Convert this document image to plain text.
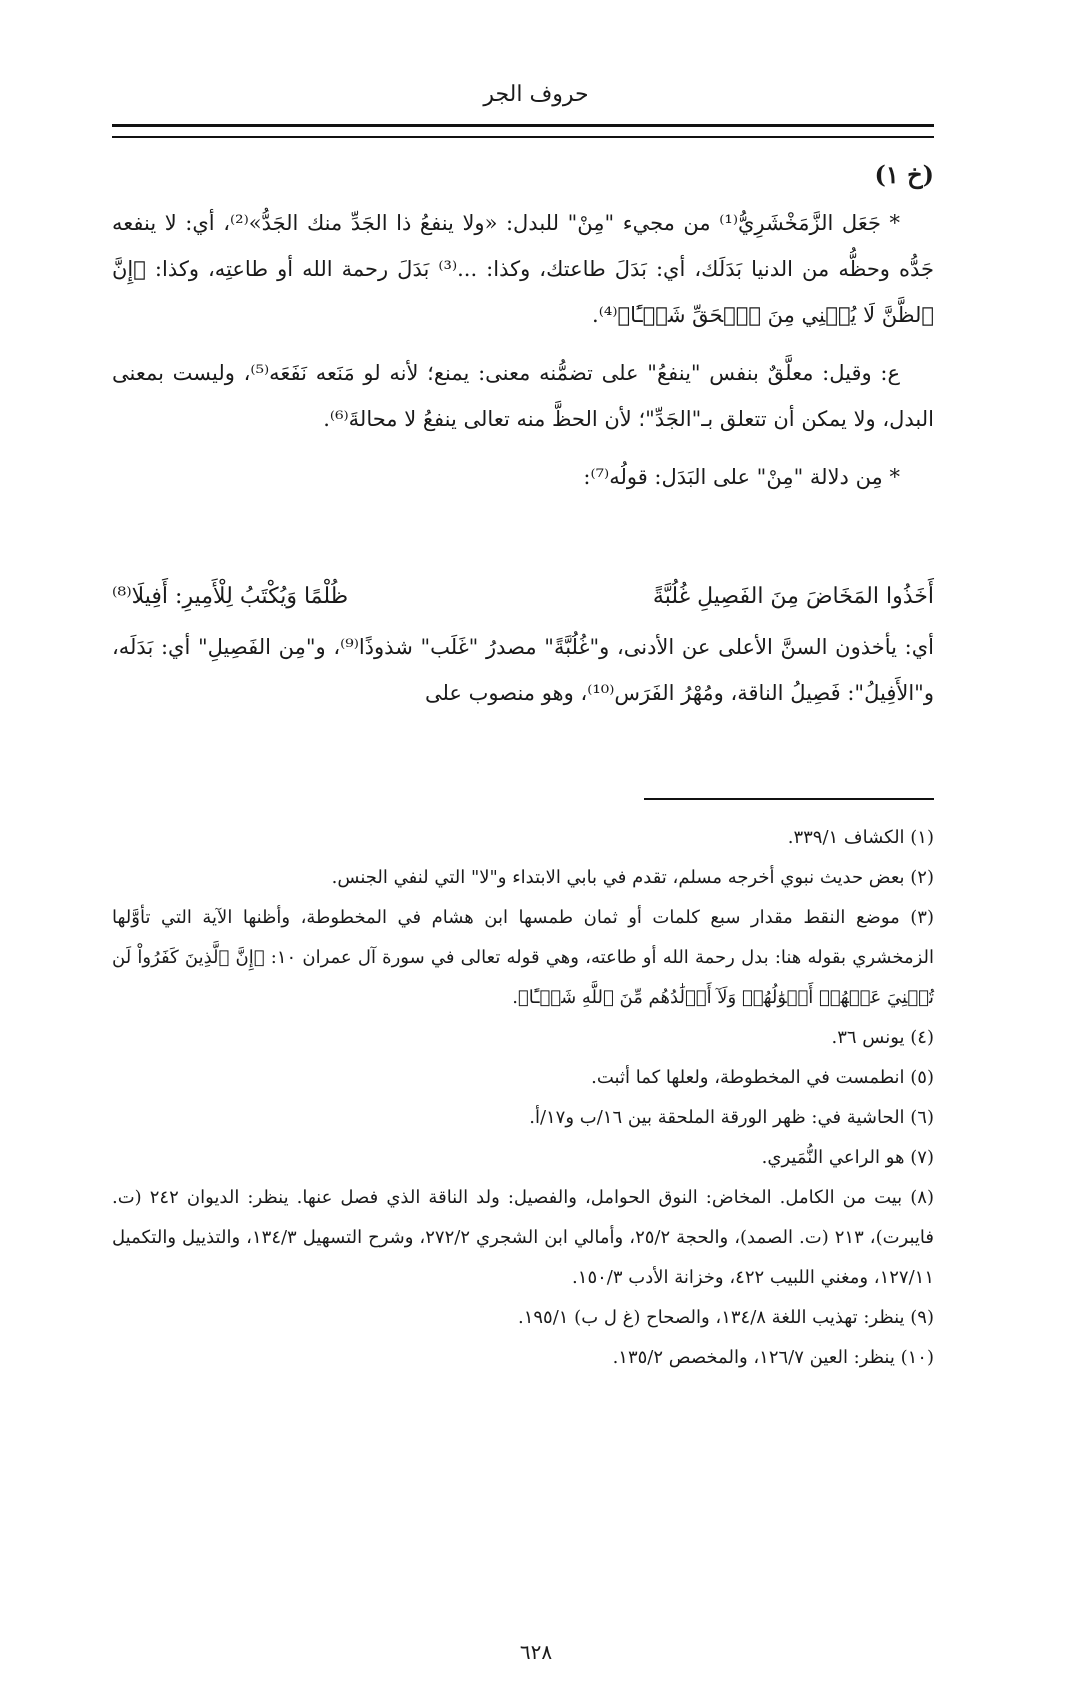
حروف الجر
(خ ١)

* جَعَل الزَّمَخْشَرِيُّ⁽¹⁾ من مجيء "مِنْ" للبدل: «ولا ينفعُ ذا الجَدِّ منك الجَدُّ»⁽²⁾، أي: لا ينفعه جَدُّه وحظُّه من الدنيا بَدَلَك، أي: بَدَلَ طاعتك، وكذا: ...⁽³⁾ بَدَلَ رحمة الله أو طاعتِه، وكذا: ﴿إِنَّ ٱلظَّنَّ لَا يُغۡنِي مِنَ ٱلۡحَقِّ شَيۡـًٔا﴾⁽⁴⁾.

ع: وقيل: معلَّقٌ بنفس "ينفعُ" على تضمُّنه معنى: يمنع؛ لأنه لو مَنَعه نَفَعَه⁽⁵⁾، وليست بمعنى البدل، ولا يمكن أن تتعلق بـ"الجَدِّ"؛ لأن الحظَّ منه تعالى ينفعُ لا محالةَ⁽⁶⁾.

* مِن دلالة "مِنْ" على البَدَل: قولُه⁽⁷⁾:

أَخَذُوا المَخَاضَ مِنَ الفَصِيلِ غُلُبَّةً
ظُلْمًا وَيُكْتَبُ لِلْأَمِيرِ: أَفِيلَا⁽⁸⁾

أي: يأخذون السنَّ الأعلى عن الأدنى، و"غُلُبَّةً" مصدرُ "غَلَب" شذوذًا⁽⁹⁾، و"مِن الفَصِيلِ" أي: بَدَلَه، و"الأَفِيلُ": فَصِيلُ الناقة، ومُهْرُ الفَرَس⁽¹⁰⁾، وهو منصوب على

(١) الكشاف ٣٣٩/١.

(٢) بعض حديث نبوي أخرجه مسلم، تقدم في بابي الابتداء و"لا" التي لنفي الجنس.

(٣) موضع النقط مقدار سبع كلمات أو ثمان طمسها ابن هشام في المخطوطة، وأظنها الآية التي تأوَّلها الزمخشري بقوله هنا: بدل رحمة الله أو طاعته، وهي قوله تعالى في سورة آل عمران ١٠: ﴿إِنَّ ٱلَّذِينَ كَفَرُواْ لَن تُغۡنِيَ عَنۡهُمۡ أَمۡوَٰلُهُمۡ وَلَآ أَوۡلَٰدُهُم مِّنَ ٱللَّهِ شَيۡـًٔا﴾.

(٤) يونس ٣٦.

(٥) انطمست في المخطوطة، ولعلها كما أثبت.

(٦) الحاشية في: ظهر الورقة الملحقة بين ١٦/ب و١٧/أ.

(٧) هو الراعي النُّمَيري.

(٨) بيت من الكامل. المخاض: النوق الحوامل، والفصيل: ولد الناقة الذي فصل عنها. ينظر: الديوان ٢٤٢ (ت. فايبرت)، ٢١٣ (ت. الصمد)، والحجة ٢٥/٢، وأمالي ابن الشجري ٢٧٢/٢، وشرح التسهيل ١٣٤/٣، والتذييل والتكميل ١٢٧/١١، ومغني اللبيب ٤٢٢، وخزانة الأدب ١٥٠/٣.

(٩) ينظر: تهذيب اللغة ١٣٤/٨، والصحاح (غ ل ب) ١٩٥/١.

(١٠) ينظر: العين ١٢٦/٧، والمخصص ١٣٥/٢.

٦٢٨
